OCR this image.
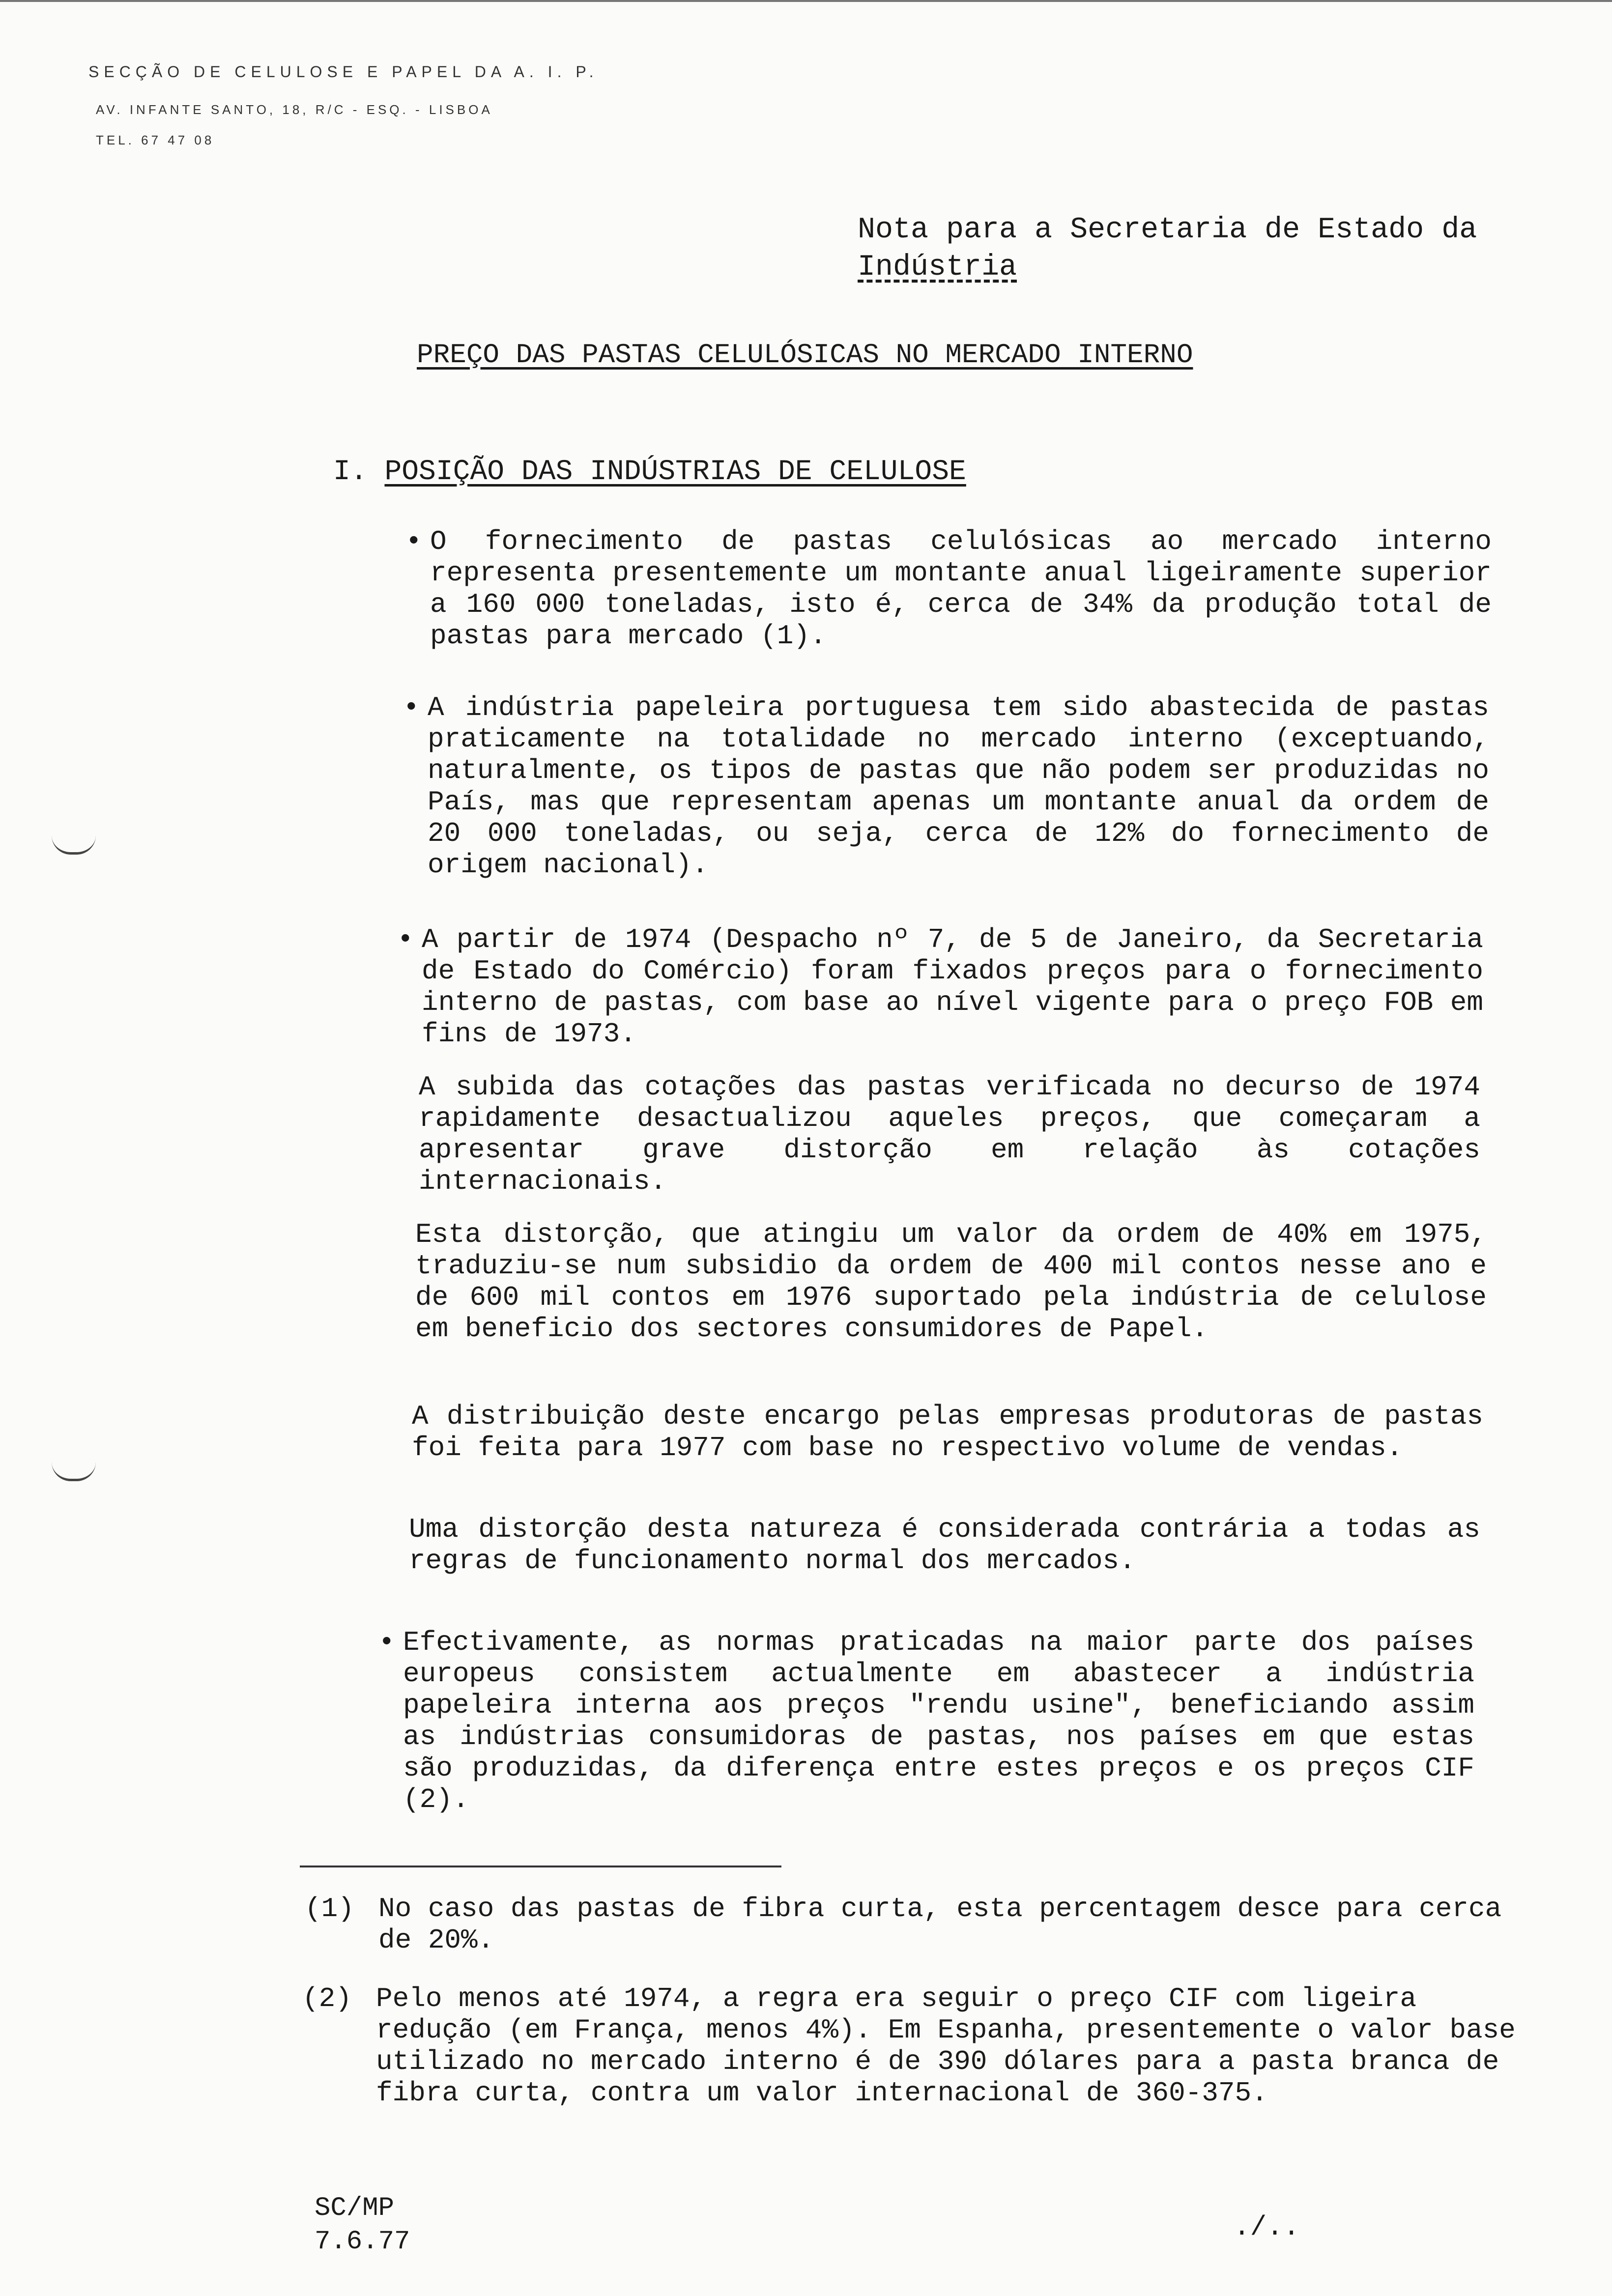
SECÇÃO DE CELULOSE E PAPEL DA A. I. P.
AV. INFANTE SANTO, 18, R/C - ESQ. - LISBOA
TEL. 67 47 08
Nota para a Secretaria de Estado da
Indústria
PREÇO DAS PASTAS CELULÓSICAS NO MERCADO INTERNO
I. POSIÇÃO DAS INDÚSTRIAS DE CELULOSE
• O fornecimento de pastas celulósicas ao mercado interno representa presentemente um montante anual ligeiramente superior a 160 000 toneladas, isto é, cerca de 34% da produção total de pastas para mercado (1).
• A indústria papeleira portuguesa tem sido abastecida de pastas praticamente na totalidade no mercado interno (exceptuando, naturalmente, os tipos de pastas que não podem ser produzidas no País, mas que representam apenas um montante anual da ordem de 20 000 toneladas, ou seja, cerca de 12% do fornecimento de origem nacional).
• A partir de 1974 (Despacho nº 7, de 5 de Janeiro, da Secretaria de Estado do Comércio) foram fixados preços para o fornecimento interno de pastas, com base ao nível vigente para o preço FOB em fins de 1973.
A subida das cotações das pastas verificada no decurso de 1974 rapidamente desactualizou aqueles preços, que começaram a apresentar grave distorção em relação às cotações internacionais.
Esta distorção, que atingiu um valor da ordem de 40% em 1975, traduziu-se num subsidio da ordem de 400 mil contos nesse ano e de 600 mil contos em 1976 suportado pela indústria de celulose em beneficio dos sectores consumidores de Papel.
A distribuição deste encargo pelas empresas produtoras de pastas foi feita para 1977 com base no respectivo volume de vendas.
Uma distorção desta natureza é considerada contrária a todas as regras de funcionamento normal dos mercados.
• Efectivamente, as normas praticadas na maior parte dos países europeus consistem actualmente em abastecer a indústria papeleira interna aos preços "rendu usine", beneficiando assim as indústrias consumidoras de pastas, nos países em que estas são produzidas, da diferença entre estes preços e os preços CIF (2).
(1) No caso das pastas de fibra curta, esta percentagem desce para cerca de 20%.
(2) Pelo menos até 1974, a regra era seguir o preço CIF com ligeira redução (em França, menos 4%). Em Espanha, presentemente o valor base utilizado no mercado interno é de 390 dólares para a pasta branca de fibra curta, contra um valor internacional de 360-375.
SC/MP
7.6.77	./..
